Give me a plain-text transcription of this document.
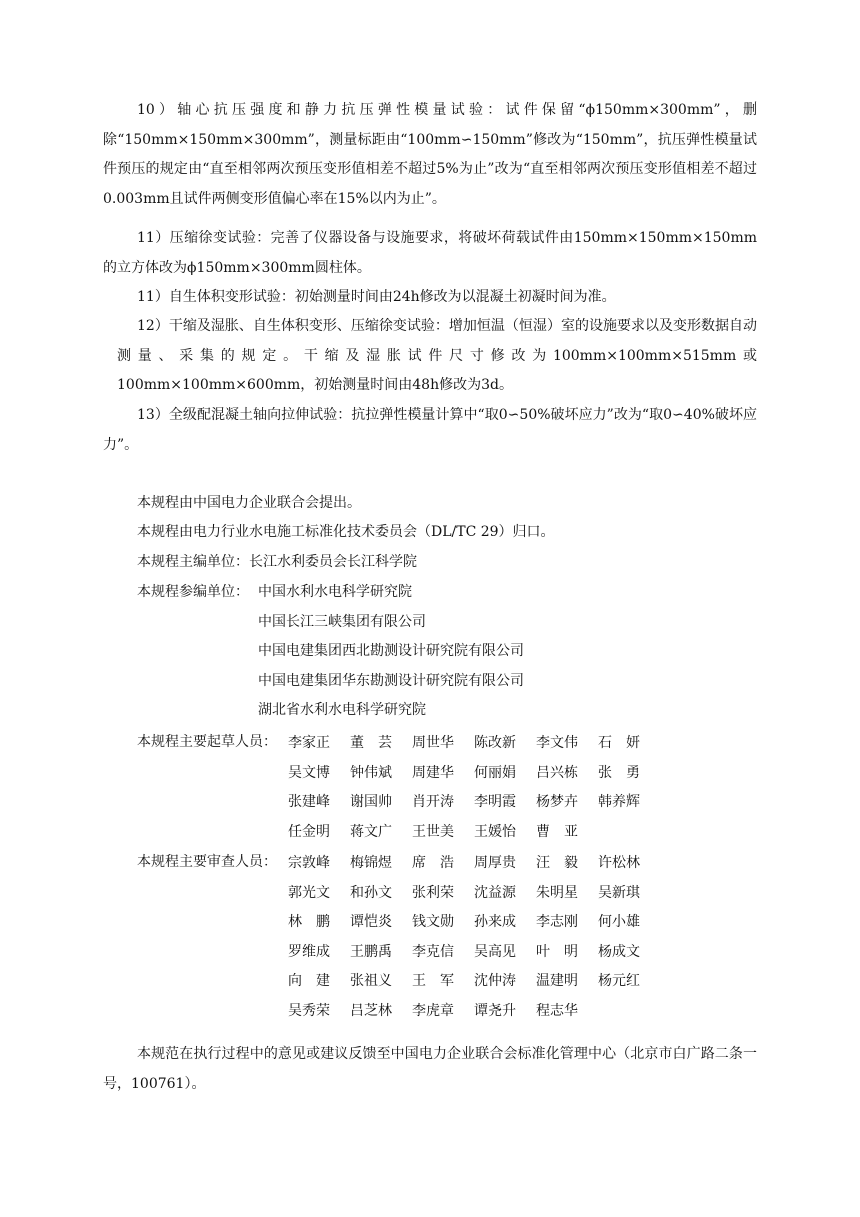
10）轴心抗压强度和静力抗压弹性模量试验：试件保留“ϕ150mm×300mm”，删除“150mm×150mm×300mm”，测量标距由“100mm∽150mm”修改为“150mm”，抗压弹性模量试件预压的规定由“直至相邻两次预压变形值相差不超过5%为止”改为“直至相邻两次预压变形值相差不超过0.003mm且试件两侧变形值偏心率在15%以内为止”。

11）压缩徐变试验：完善了仪器设备与设施要求，将破坏荷载试件由150mm×150mm×150mm的立方体改为ϕ150mm×300mm圆柱体。

11）自生体积变形试验：初始测量时间由24h修改为以混凝土初凝时间为准。

12）干缩及湿胀、自生体积变形、压缩徐变试验：增加恒温（恒湿）室的设施要求以及变形数据自动测量、采集的规定。干缩及湿胀试件尺寸修改为100mm×100mm×515mm或100mm×100mm×600mm，初始测量时间由48h修改为3d。

13）全级配混凝土轴向拉伸试验：抗拉弹性模量计算中“取0∽50%破坏应力”改为“取0∽40%破坏应力”。

本规程由中国电力企业联合会提出。

本规程由电力行业水电施工标准化技术委员会（DL/TC 29）归口。

本规程主编单位：长江水利委员会长江科学院

本规程参编单位： 中国水利水电科学研究院
中国长江三峡集团有限公司
中国电建集团西北勘测设计研究院有限公司
中国电建集团华东勘测设计研究院有限公司
湖北省水利水电科学研究院
本规程主要起草人员： 李家正 董　芸 周世华 陈改新 李文伟 石　妍
吴文博 钟伟斌 周建华 何丽娟 吕兴栋 张　勇
张建峰 谢国帅 肖开涛 李明霞 杨梦卉 韩养辉
任金明 蒋文广 王世美 王媛怡 曹　亚
本规程主要审查人员： 宗敦峰 梅锦煜 席　浩 周厚贵 汪　毅 许松林
郭光文 和孙文 张利荣 沈益源 朱明星 吴新琪
林　鹏 谭恺炎 钱文勋 孙来成 李志刚 何小雄
罗维成 王鹏禹 李克信 吴高见 叶　明 杨成文
向　建 张祖义 王　军 沈仲涛 温建明 杨元红
吴秀荣 吕芝林 李虎章 谭尧升 程志华

本规范在执行过程中的意见或建议反馈至中国电力企业联合会标准化管理中心（北京市白广路二条一号，100761）。
